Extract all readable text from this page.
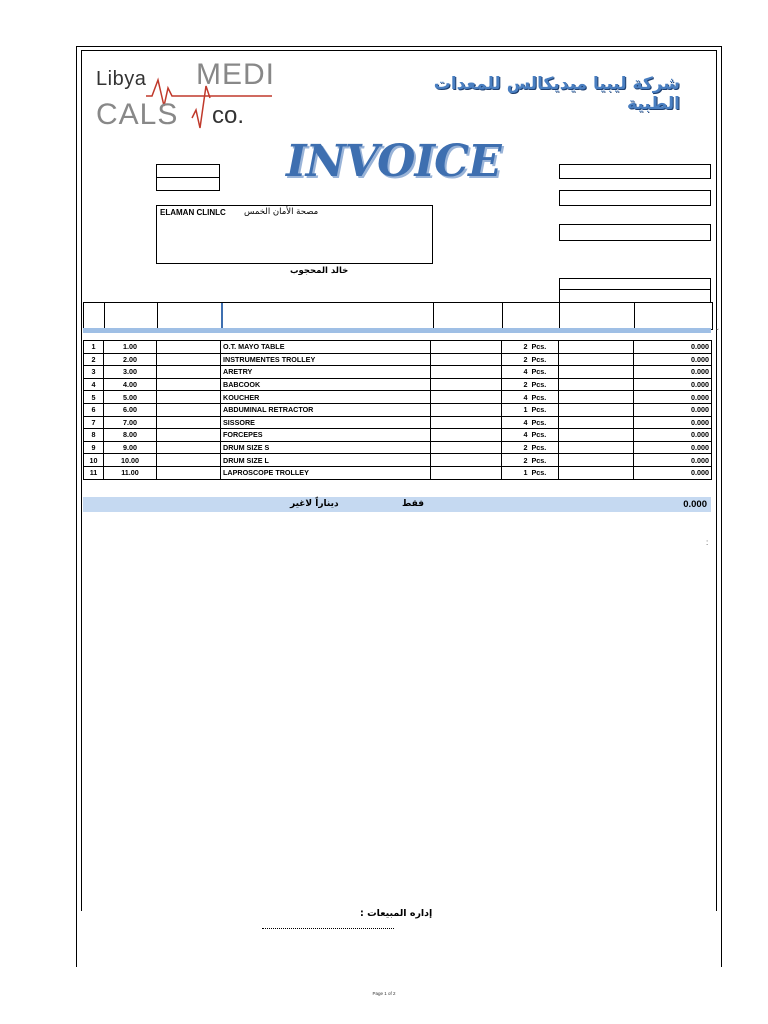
Libya MEDI
CALS co.
شركة ليبيا ميديكالس للمعدات الطبية
INVOICE
ELAMAN CLINLC مصحة الأمان الخمس
خالد المحجوب
ˇ
1	1.00		O.T. MAYO TABLE		2	Pcs.		0.000
2	2.00		INSTRUMENTES TROLLEY		2	Pcs.		0.000
3	3.00		ARETRY		4	Pcs.		0.000
4	4.00		BABCOOK		2	Pcs.		0.000
5	5.00		KOUCHER		4	Pcs.		0.000
6	6.00		ABDUMINAL RETRACTOR		1	Pcs.		0.000
7	7.00		SISSORE		4	Pcs.		0.000
8	8.00		FORCEPES		4	Pcs.		0.000
9	9.00		DRUM SIZE S		2	Pcs.		0.000
10	10.00		DRUM SIZE L		2	Pcs.		0.000
11	11.00		LAPROSCOPE TROLLEY		1	Pcs.		0.000
فقط
ديناراً لاغير	0.000
:
إداره المبيعات :
Page 1 of 2
